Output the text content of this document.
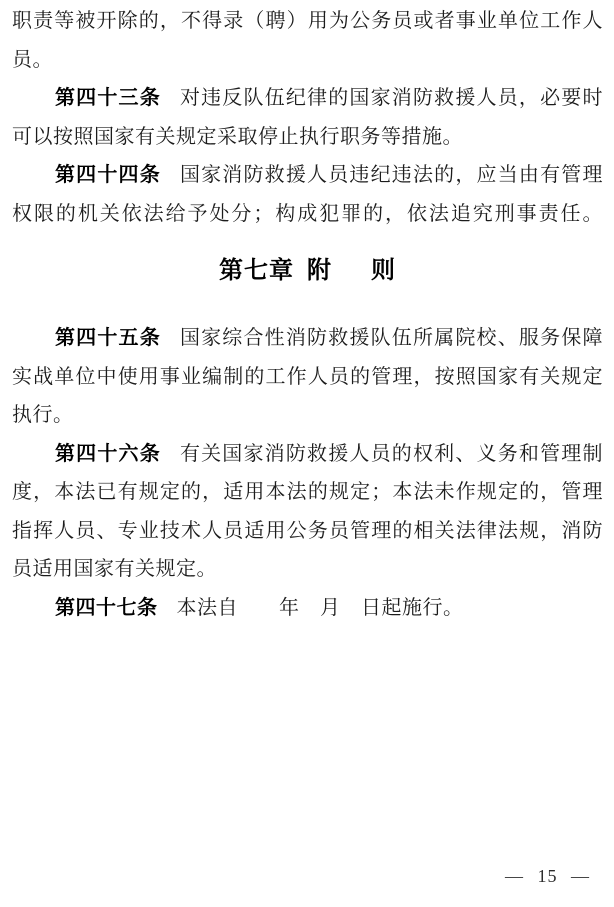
职责等被开除的，不得录（聘）用为公务员或者事业单位工作人
员。
第四十三条 对违反队伍纪律的国家消防救援人员，必要时
可以按照国家有关规定采取停止执行职务等措施。
第四十四条 国家消防救援人员违纪违法的，应当由有管理
权限的机关依法给予处分；构成犯罪的，依法追究刑事责任。
第七章 附 则
第四十五条 国家综合性消防救援队伍所属院校、服务保障
实战单位中使用事业编制的工作人员的管理，按照国家有关规定
执行。
第四十六条 有关国家消防救援人员的权利、义务和管理制
度，本法已有规定的，适用本法的规定；本法未作规定的，管理
指挥人员、专业技术人员适用公务员管理的相关法律法规，消防
员适用国家有关规定。
第四十七条 本法自　　年　月　日起施行。
— 15 —
